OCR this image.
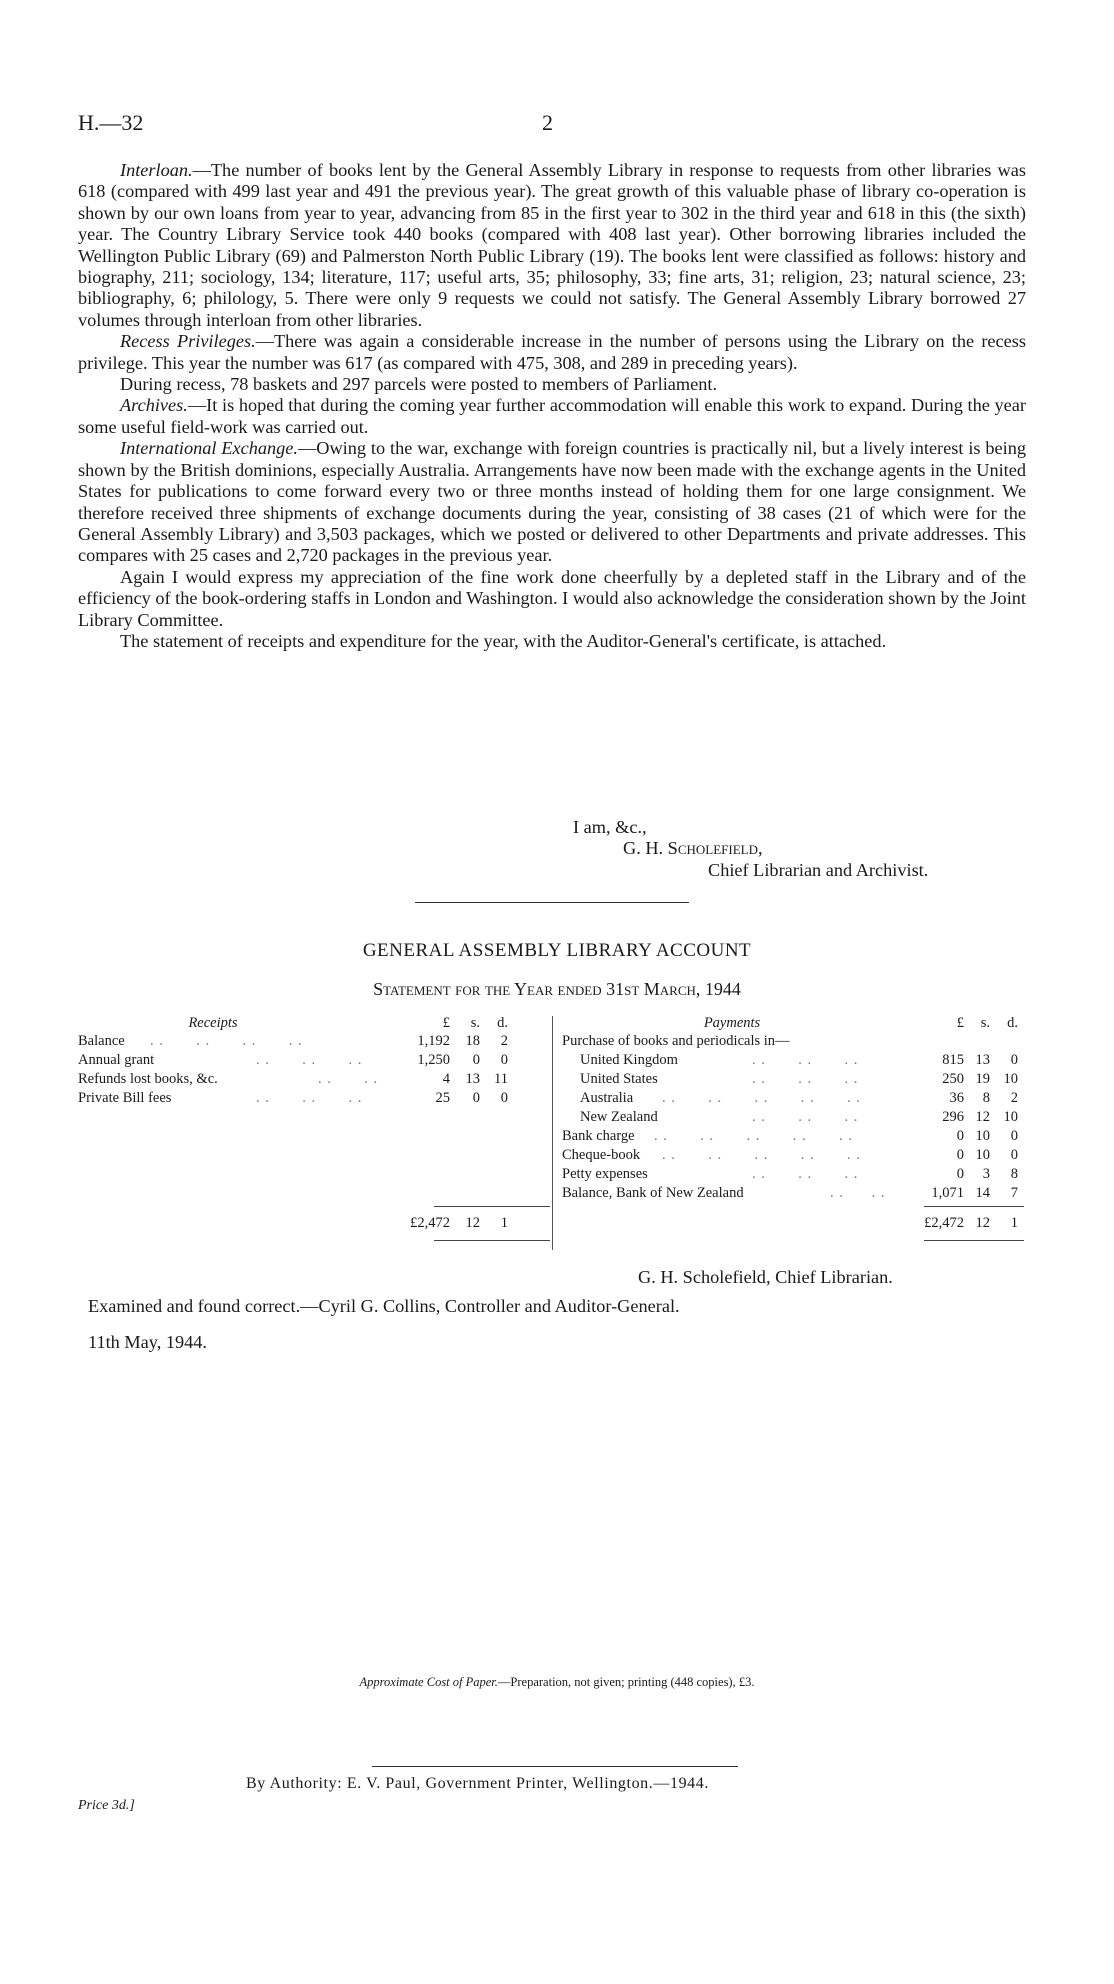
H.—32	2

Interloan.—The number of books lent by the General Assembly Library in response to requests from other libraries was 618 (compared with 499 last year and 491 the previous year). The great growth of this valuable phase of library co-operation is shown by our own loans from year to year, advancing from 85 in the first year to 302 in the third year and 618 in this (the sixth) year. The Country Library Service took 440 books (compared with 408 last year). Other borrowing libraries included the Wellington Public Library (69) and Palmerston North Public Library (19). The books lent were classified as follows: history and biography, 211; sociology, 134; literature, 117; useful arts, 35; philosophy, 33; fine arts, 31; religion, 23; natural science, 23; bibliography, 6; philology, 5. There were only 9 requests we could not satisfy. The General Assembly Library borrowed 27 volumes through interloan from other libraries.

Recess Privileges.—There was again a considerable increase in the number of persons using the Library on the recess privilege. This year the number was 617 (as compared with 475, 308, and 289 in preceding years).

During recess, 78 baskets and 297 parcels were posted to members of Parliament.

Archives.—It is hoped that during the coming year further accommodation will enable this work to expand. During the year some useful field-work was carried out.

International Exchange.—Owing to the war, exchange with foreign countries is practically nil, but a lively interest is being shown by the British dominions, especially Australia. Arrangements have now been made with the exchange agents in the United States for publications to come forward every two or three months instead of holding them for one large consignment. We therefore received three shipments of exchange documents during the year, consisting of 38 cases (21 of which were for the General Assembly Library) and 3,503 packages, which we posted or delivered to other Departments and private addresses. This compares with 25 cases and 2,720 packages in the previous year.

Again I would express my appreciation of the fine work done cheerfully by a depleted staff in the Library and of the efficiency of the book-ordering staffs in London and Washington. I would also acknowledge the consideration shown by the Joint Library Committee.

The statement of receipts and expenditure for the year, with the Auditor-General's certificate, is attached.

I am, &c.,
G. H. Scholefield,
Chief Librarian and Archivist.
GENERAL ASSEMBLY LIBRARY ACCOUNT
Statement for the Year ended 31st March, 1944
Receipts	£	s.	d.
Balance . .       . .       . .       . .	1,192	18	2
Annual grant	. .       . .       . .	1,250	0	0
Refunds lost books, &c.	. .       . .	4	13 11
Private Bill fees	. .       . .       . .	25	0	0
£2,472	12	1
Payments	£	s.	d.
Purchase of books and periodicals in—
United Kingdom	. .       . .       . .	815 13	0
United States	. .       . .       . .	250 19 10
Australia . .       . .       . .       . .       . .	36	8	2
New Zealand	. .       . .       . .	296 12 10
Bank charge . .       . .       . .       . .       . .	0 10	0
Cheque-book . .       . .       . .       . .       . .	0 10	0
Petty expenses	. .       . .       . .	0	3	8
Balance, Bank of New Zealand	. .      . .	1,071 14	7
£2,472 12	1
G. H. Scholefield, Chief Librarian.
Examined and found correct.—Cyril G. Collins, Controller and Auditor-General.
11th May, 1944.
Approximate Cost of Paper.—Preparation, not given; printing (448 copies), £3.
By Authority: E. V. Paul, Government Printer, Wellington.—1944.
Price 3d.]
